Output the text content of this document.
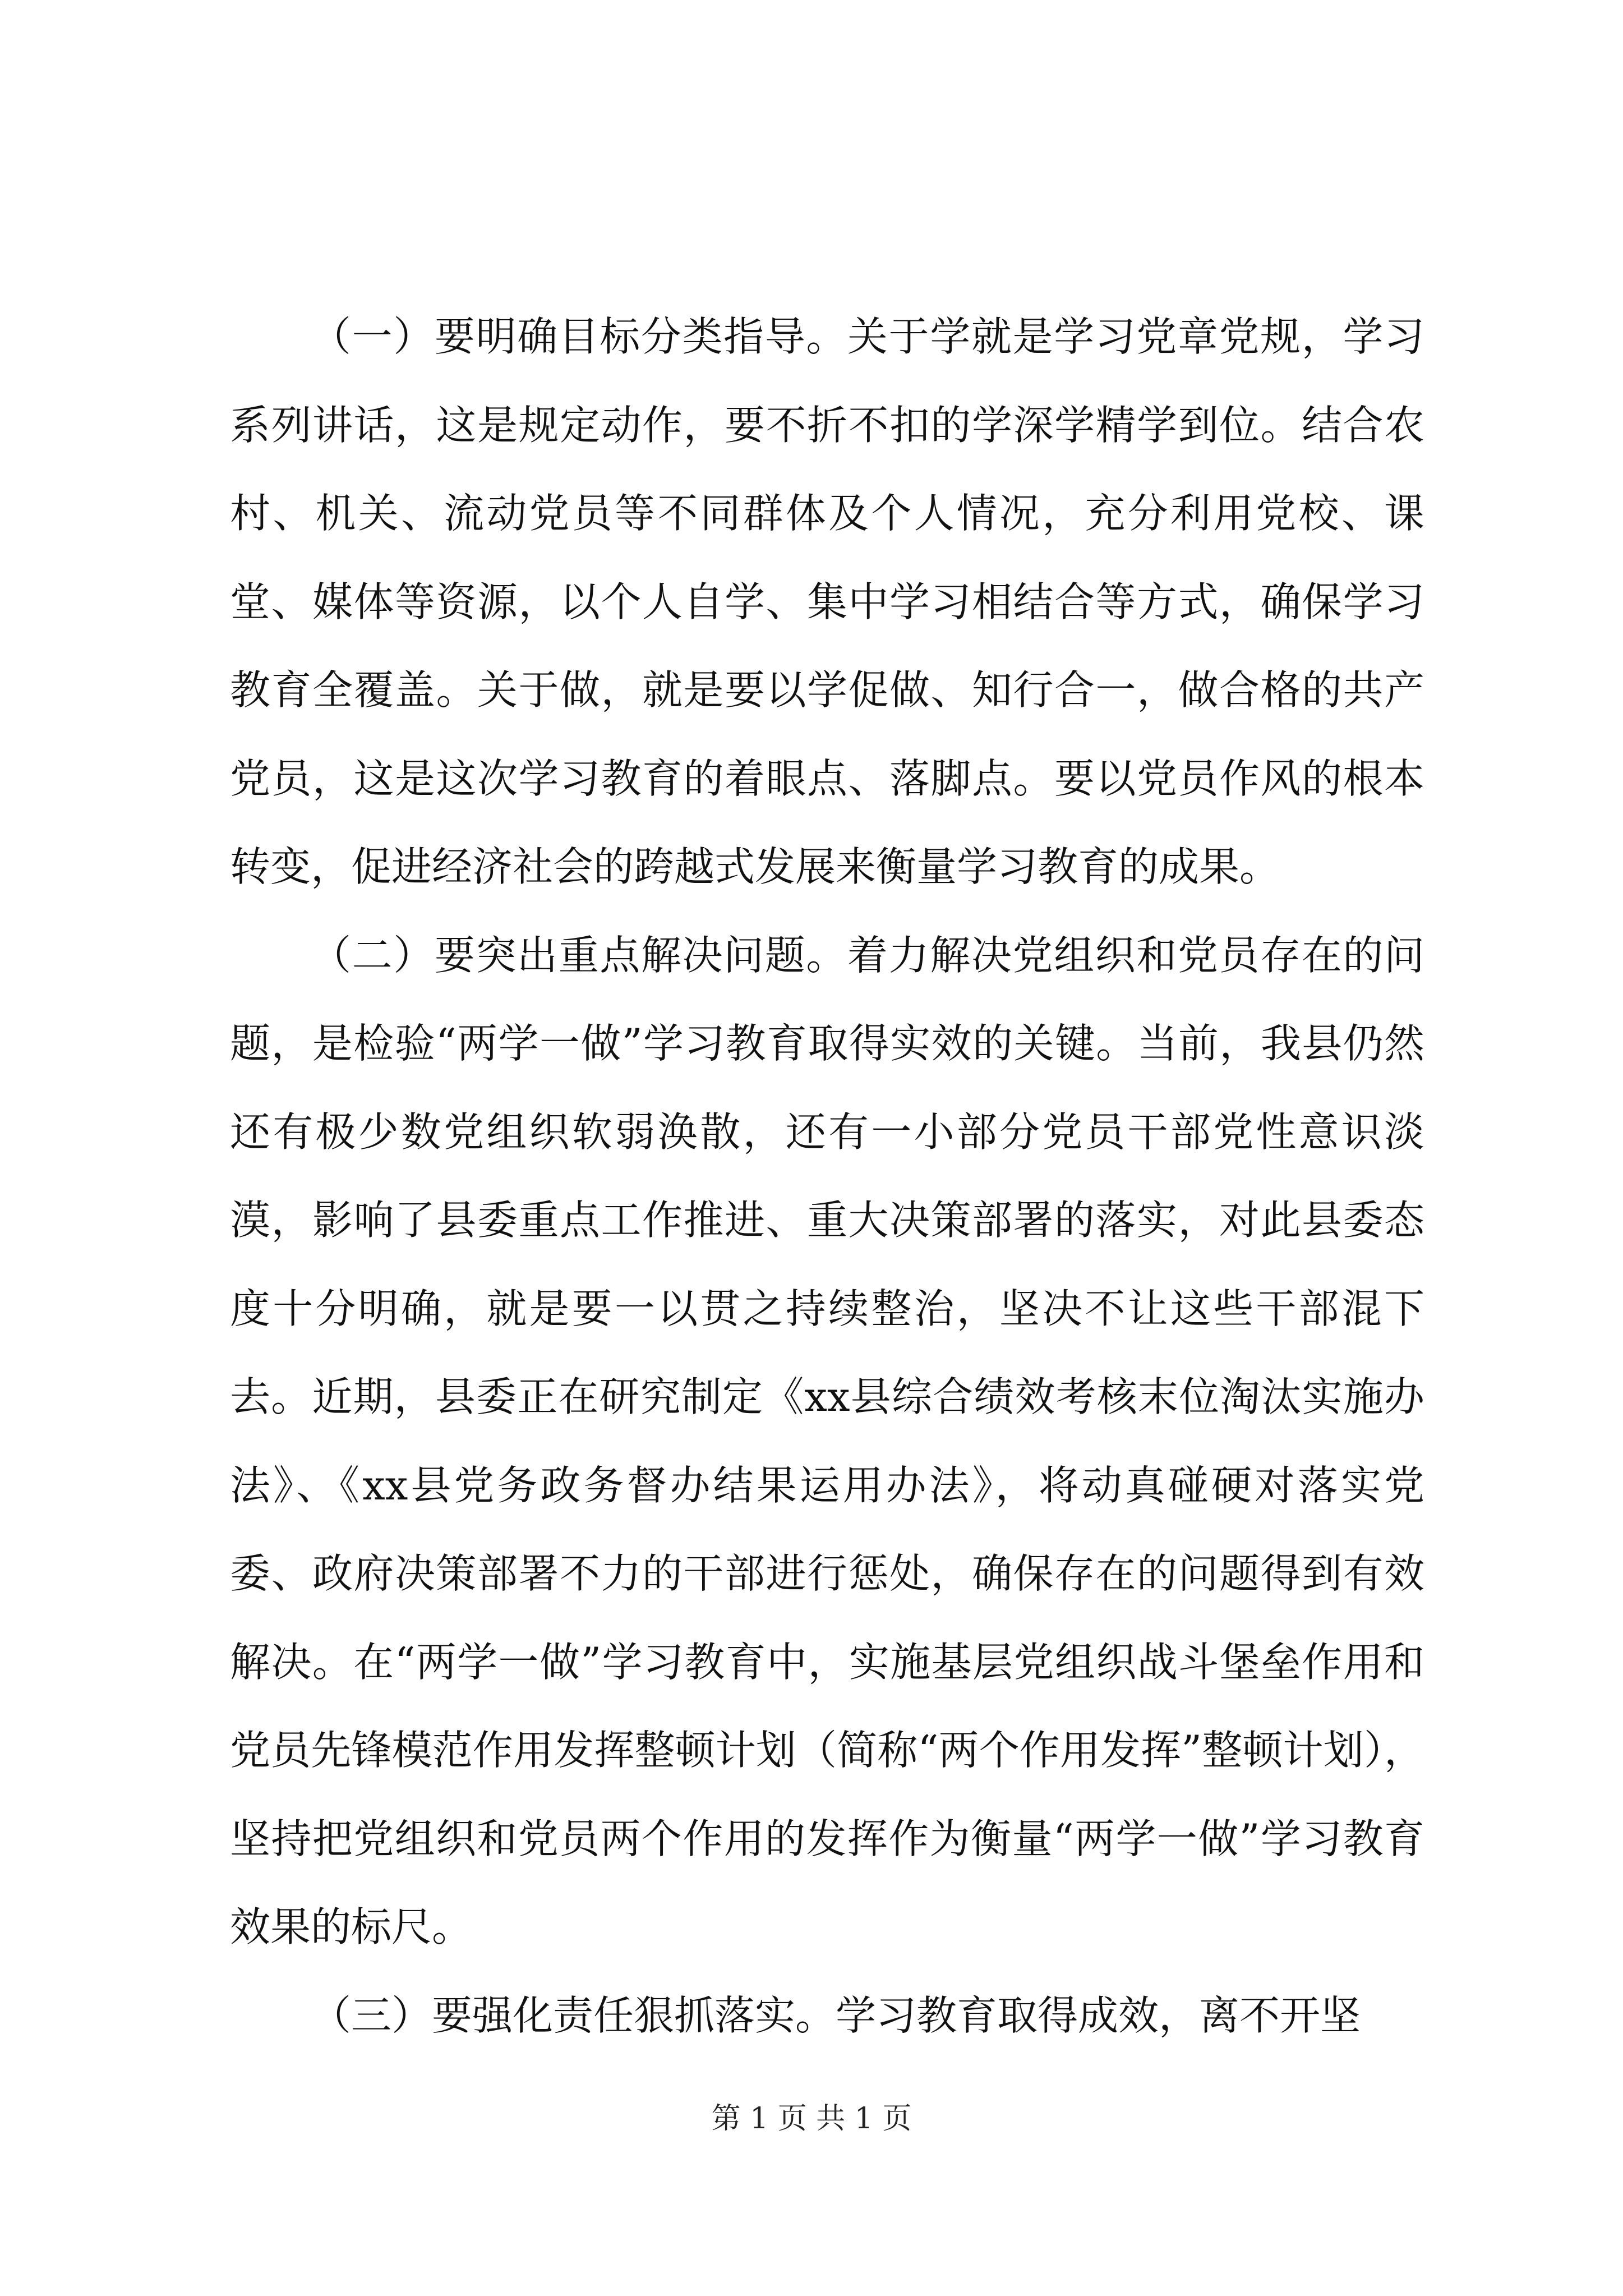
（一）要明确目标分类指导。关于学就是学习党章党规，学习系列讲话，这是规定动作，要不折不扣的学深学精学到位。结合农村、机关、流动党员等不同群体及个人情况，充分利用党校、课堂、媒体等资源，以个人自学、集中学习相结合等方式，确保学习教育全覆盖。关于做，就是要以学促做、知行合一，做合格的共产党员，这是这次学习教育的着眼点、落脚点。要以党员作风的根本转变，促进经济社会的跨越式发展来衡量学习教育的成果。

（二）要突出重点解决问题。着力解决党组织和党员存在的问题，是检验“两学一做”学习教育取得实效的关键。当前，我县仍然还有极少数党组织软弱涣散，还有一小部分党员干部党性意识淡漠，影响了县委重点工作推进、重大决策部署的落实，对此县委态度十分明确，就是要一以贯之持续整治，坚决不让这些干部混下去。近期，县委正在研究制定《xx县综合绩效考核末位淘汰实施办法》、《xx县党务政务督办结果运用办法》，将动真碰硬对落实党委、政府决策部署不力的干部进行惩处，确保存在的问题得到有效解决。在“两学一做”学习教育中，实施基层党组织战斗堡垒作用和党员先锋模范作用发挥整顿计划（简称“两个作用发挥”整顿计划），坚持把党组织和党员两个作用的发挥作为衡量“两学一做”学习教育效果的标尺。

（三）要强化责任狠抓落实。学习教育取得成效，离不开坚

第 1 页 共 1 页
